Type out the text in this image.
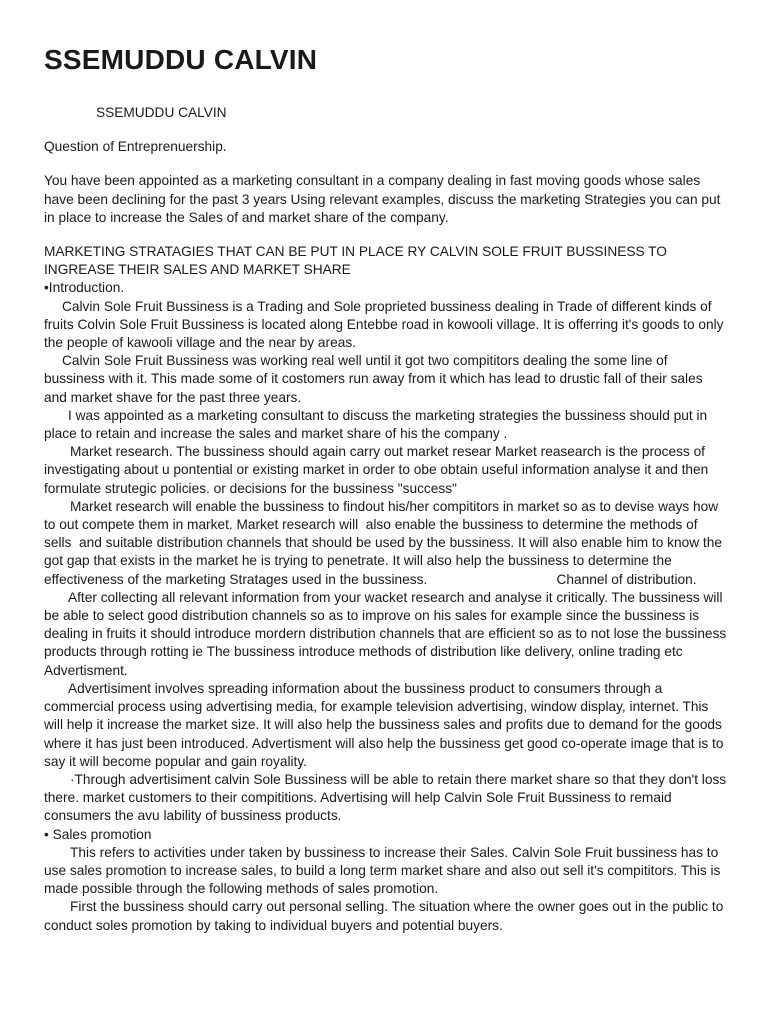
SSEMUDDU CALVIN

SSEMUDDU CALVIN

Question of Entreprenuership.

You have been appointed as a marketing consultant in a company dealing in fast moving goods whose sales have been declining for the past 3 years Using relevant examples, discuss the marketing Strategies you can put in place to increase the Sales of and market share of the company.

MARKETING STRATAGIES THAT CAN BE PUT IN PLACE RY CALVIN SOLE FRUIT BUSSINESS TO INGREASE THEIR SALES AND MARKET SHARE

•Introduction.

Calvin Sole Fruit Bussiness is a Trading and Sole proprieted bussiness dealing in Trade of different kinds of fruits Colvin Sole Fruit Bussiness is located along Entebbe road in kowooli village. It is offerring it's goods to only the people of kawooli village and the near by areas.

Calvin Sole Fruit Bussiness was working real well until it got two compititors dealing the some line of bussiness with it. This made some of it costomers run away from it which has lead to drustic fall of their sales and market shave for the past three years.

I was appointed as a marketing consultant to discuss the marketing strategies the bussiness should put in place to retain and increase the sales and market share of his the company .

Market research. The bussiness should again carry out market resear Market reasearch is the process of investigating about u pontential or existing market in order to obe obtain useful information analyse it and then formulate strutegic policies. or decisions for the bussiness "success"

Market research will enable the bussiness to findout his/her compititors in market so as to devise ways how to out compete them in market. Market research will  also enable the bussiness to determine the methods of sells  and suitable distribution channels that should be used by the bussiness. It will also enable him to know the got gap that exists in the market he is trying to penetrate. It will also help the bussiness to determine the effectiveness of the marketing Stratages used in the bussiness.                                  Channel of distribution.

After collecting all relevant information from your wacket research and analyse it critically. The bussiness will be able to select good distribution channels so as to improve on his sales for example since the bussiness is dealing in fruits it should introduce mordern distribution channels that are efficient so as to not lose the bussiness products through rotting ie The bussiness introduce methods of distribution like delivery, online trading etc

Advertisment.

Advertisiment involves spreading information about the bussiness product to consumers through a commercial process using advertising media, for example television advertising, window display, internet. This will help it increase the market size. It will also help the bussiness sales and profits due to demand for the goods where it has just been introduced. Advertisment will also help the bussiness get good co-operate image that is to say it will become popular and gain royality.

·Through advertisiment calvin Sole Bussiness will be able to retain there market share so that they don't loss there. market customers to their compititions. Advertising will help Calvin Sole Fruit Bussiness to remaid consumers the avu lability of bussiness products.

• Sales promotion

This refers to activities under taken by bussiness to increase their Sales. Calvin Sole Fruit bussiness has to use sales promotion to increase sales, to build a long term market share and also out sell it's compititors. This is made possible through the following methods of sales promotion.

First the bussiness should carry out personal selling. The situation where the owner goes out in the public to conduct soles promotion by taking to individual buyers and potential buyers.
